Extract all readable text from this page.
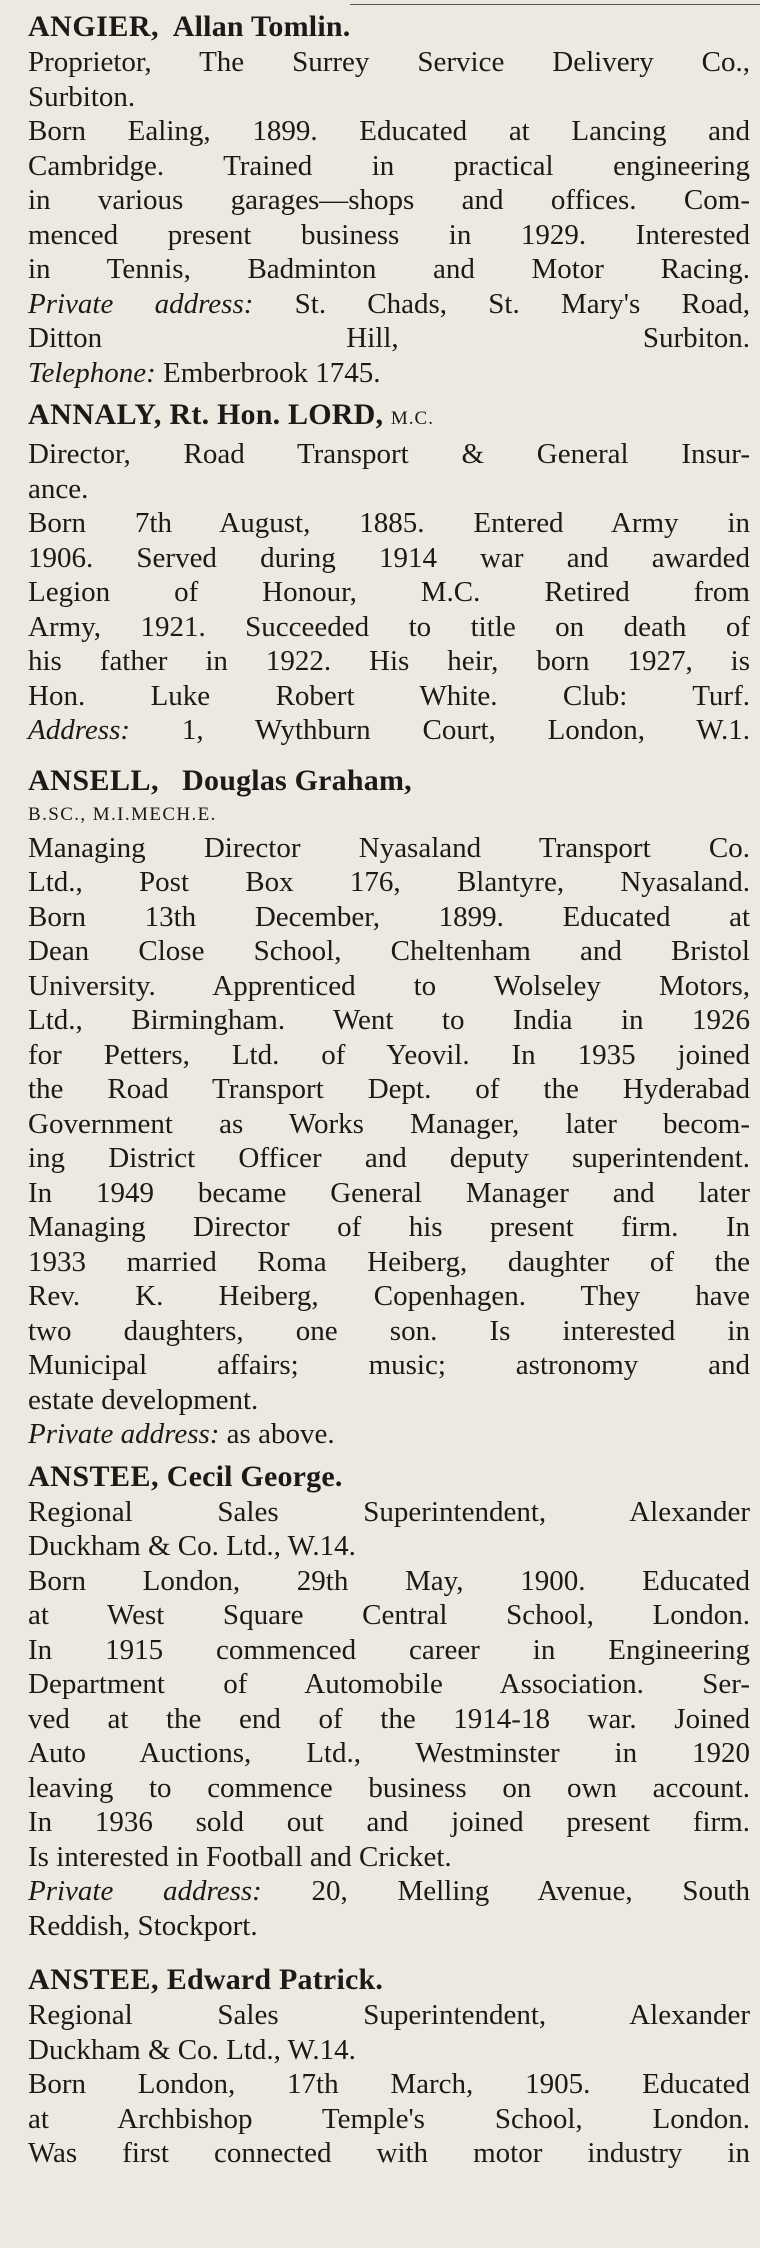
ANGIER, Allan Tomlin.
Proprietor, The Surrey Service Delivery Co.,
Surbiton.
Born Ealing, 1899. Educated at Lancing and
Cambridge. Trained in practical engineering
in various garages—shops and offices. Com-
menced present business in 1929. Interested
in Tennis, Badminton and Motor Racing.
Private address: St. Chads, St. Mary's Road,
Ditton Hill, Surbiton.
Telephone: Emberbrook 1745.
ANNALY, Rt. Hon. LORD, M.C.
Director, Road Transport & General Insur-
ance.
Born 7th August, 1885. Entered Army in
1906. Served during 1914 war and awarded
Legion of Honour, M.C. Retired from
Army, 1921. Succeeded to title on death of
his father in 1922. His heir, born 1927, is
Hon. Luke Robert White. Club: Turf.
Address: 1, Wythburn Court, London, W.1.
ANSELL, Douglas Graham,
B.SC., M.I.MECH.E.
Managing Director Nyasaland Transport Co.
Ltd., Post Box 176, Blantyre, Nyasaland.
Born 13th December, 1899. Educated at
Dean Close School, Cheltenham and Bristol
University. Apprenticed to Wolseley Motors,
Ltd., Birmingham. Went to India in 1926
for Petters, Ltd. of Yeovil. In 1935 joined
the Road Transport Dept. of the Hyderabad
Government as Works Manager, later becom-
ing District Officer and deputy superintendent.
In 1949 became General Manager and later
Managing Director of his present firm. In
1933 married Roma Heiberg, daughter of the
Rev. K. Heiberg, Copenhagen. They have
two daughters, one son. Is interested in
Municipal affairs; music; astronomy and
estate development.
Private address: as above.
ANSTEE, Cecil George.
Regional Sales Superintendent, Alexander
Duckham & Co. Ltd., W.14.
Born London, 29th May, 1900. Educated
at West Square Central School, London.
In 1915 commenced career in Engineering
Department of Automobile Association. Ser-
ved at the end of the 1914-18 war. Joined
Auto Auctions, Ltd., Westminster in 1920
leaving to commence business on own account.
In 1936 sold out and joined present firm.
Is interested in Football and Cricket.
Private address: 20, Melling Avenue, South
Reddish, Stockport.
ANSTEE, Edward Patrick.
Regional Sales Superintendent, Alexander
Duckham & Co. Ltd., W.14.
Born London, 17th March, 1905. Educated
at Archbishop Temple's School, London.
Was first connected with motor industry in
